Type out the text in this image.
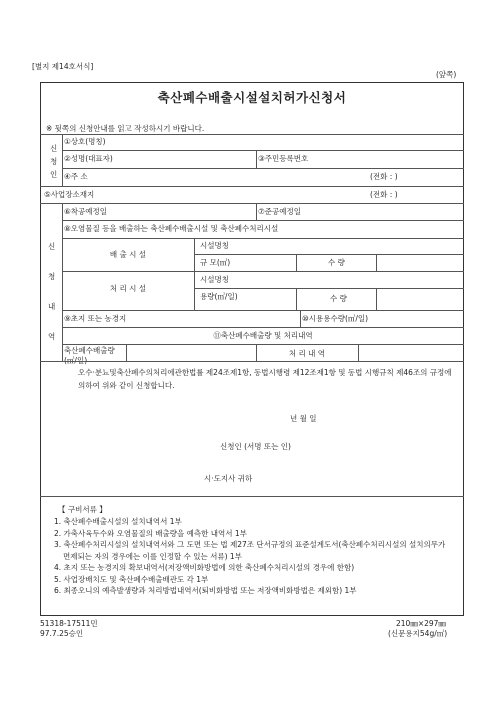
[별지 제14호서식]
(앞쪽)
축산폐수배출시설설치허가신청서
※ 뒷쪽의 신청안내를 읽고 작성하시기 바랍니다.
신
청
인
①상호(명칭)
②성명(대표자)	③주민등록번호
④주 소	(전화 : )
⑤사업장소재지	(전화 : )
신
청
내
역
⑥착공예정일	⑦준공예정일
⑧오염물질 등을 배출하는 축산폐수배출시설 및 축산폐수처리시설
배 출 시 설
시설명칭
규 모(㎡)	수 량
처 리 시 설
시설명칭
용량(㎥/일)	수 량
⑨초지 또는 농경지	⑩시용용수량(㎥/일)
⑪축산폐수배출량 및 처리내역
축산폐수배출량
(㎥/일)
처 리 내 역
오수·분뇨및축산폐수의처리에관한법률 제24조제1항, 동법시행령 제12조제1항 및 동법 시행규칙 제46조의 규정에 의하여 위와 같이 신청합니다.
년 월 일
신청인 (서명 또는 인)
시·도지사 귀하
【 구비서류 】
1. 축산폐수배출시설의 설치내역서 1부
2. 가축사육두수와 오염물질의 배출량을 예측한 내역서 1부
3. 축산폐수처리시설의 설치내역서와 그 도면 또는 법 제27조 단서규정의 표준설계도서(축산폐수처리시설의 설치의무가 면제되는 자의 경우에는 이를 인정할 수 있는 서류) 1부
4. 초지 또는 농경지의 확보내역서(저장액비화방법에 의한 축산폐수처리시설의 경우에 한함)
5. 사업장배치도 및 축산폐수배출배관도 각 1부
6. 최종오니의 예측발생량과 처리방법내역서(퇴비화방법 또는 저장액비화방법은 제외함) 1부
51318-17511민
97.7.25승인
210㎜×297㎜
(신문용지54g/㎡)
